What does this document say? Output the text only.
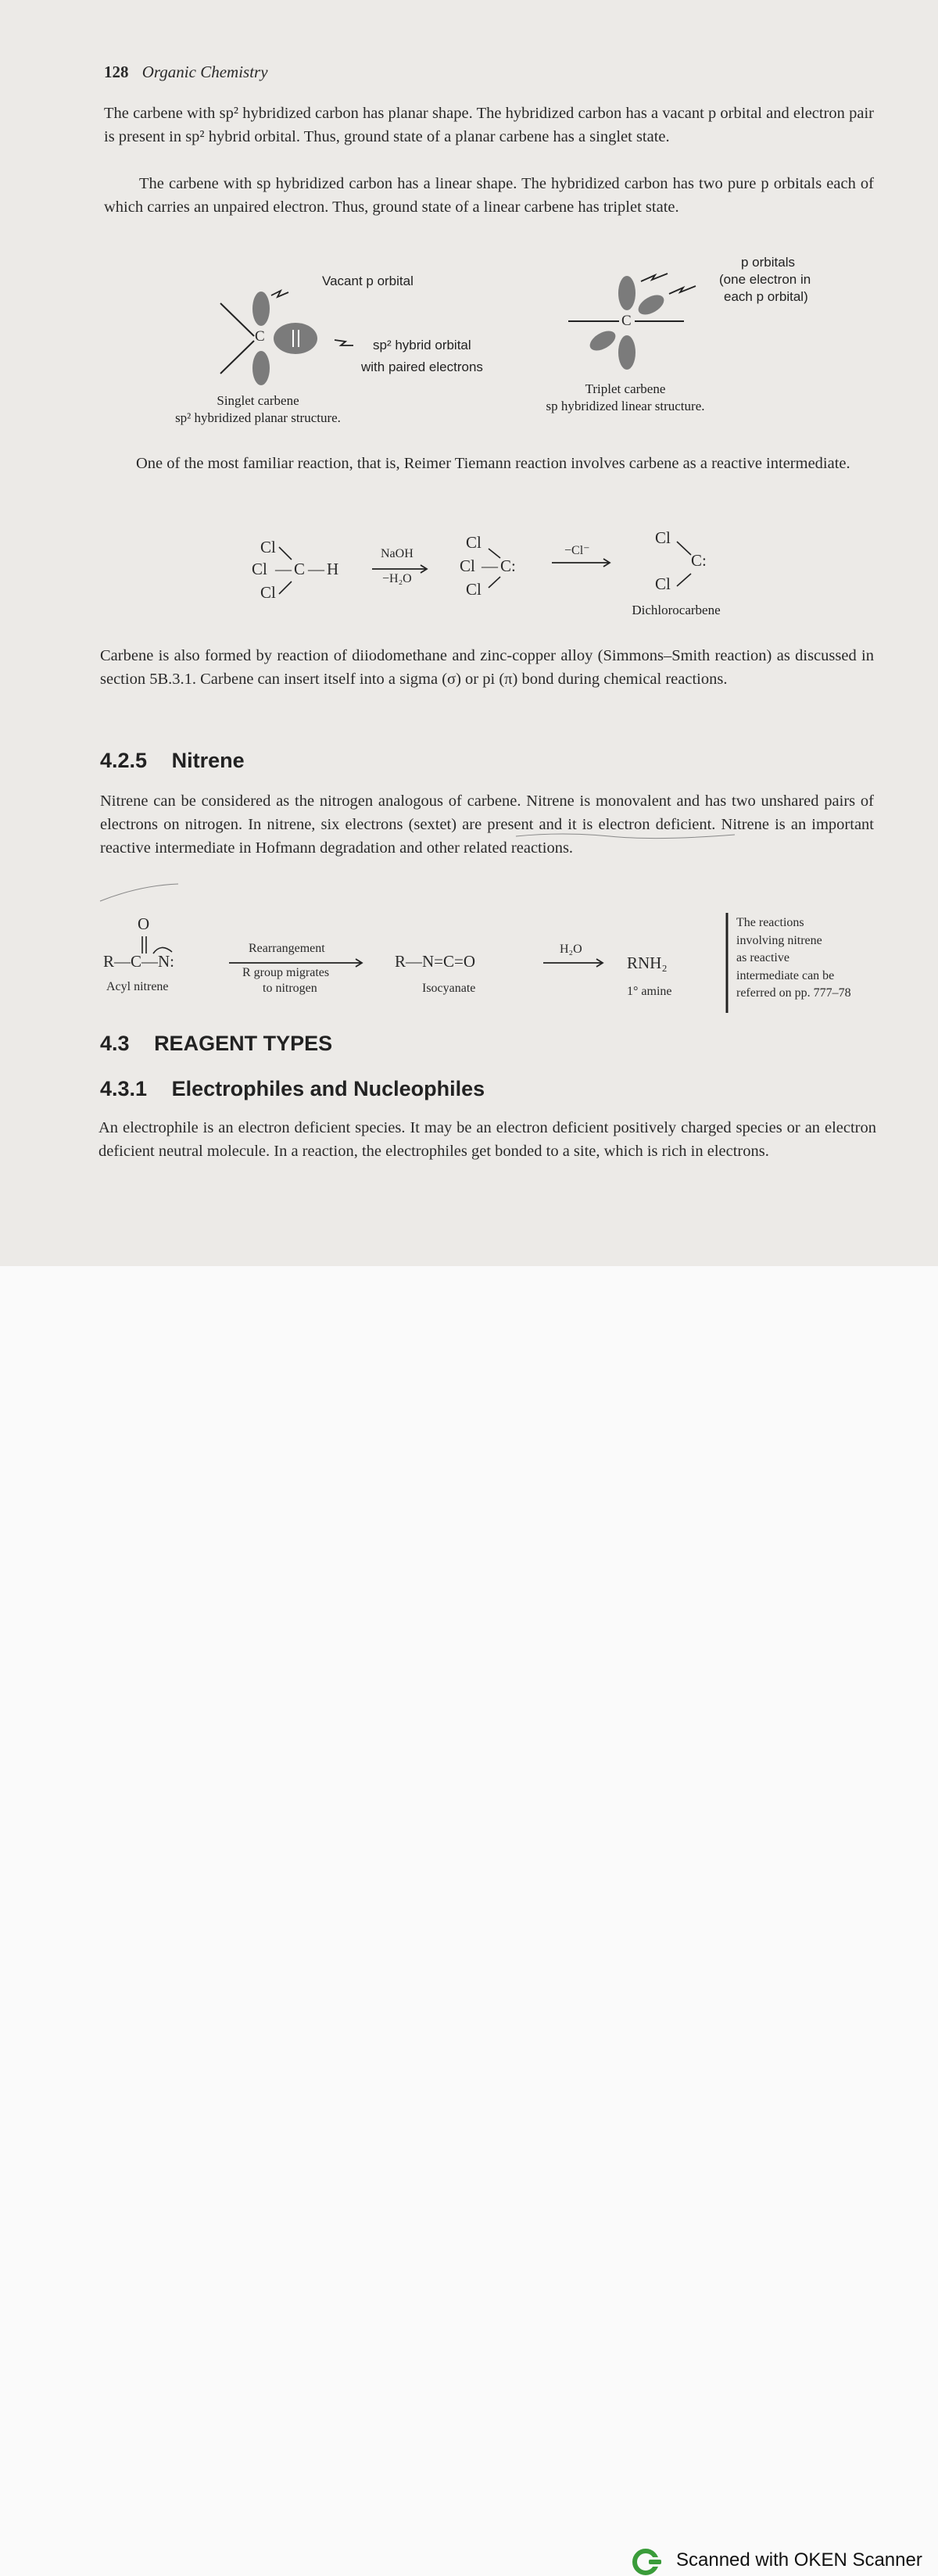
128 Organic Chemistry
The carbene with sp² hybridized carbon has planar shape. The hybridized carbon has a vacant p orbital and electron pair is present in sp² hybrid orbital. Thus, ground state of a planar carbene has a singlet state.
The carbene with sp hybridized carbon has a linear shape. The hybridized carbon has two pure p orbitals each of which carries an unpaired electron. Thus, ground state of a linear carbene has triplet state.
C
C
Vacant p orbital
sp² hybrid orbital
with paired electrons
Singlet carbene
sp² hybridized planar structure.
p orbitals
(one electron in
each p orbital)
Triplet carbene
sp hybridized linear structure.
One of the most familiar reaction, that is, Reimer Tiemann reaction involves carbene as a reactive intermediate.
Cl
Cl — C — H
Cl
NaOH
−H₂O
Cl
Cl — C:
Cl
−Cl⁻
Cl
C:
Cl
Dichlorocarbene
Carbene is also formed by reaction of diiodomethane and zinc-copper alloy (Simmons–Smith reaction) as discussed in section 5B.3.1. Carbene can insert itself into a sigma (σ) or pi (π) bond during chemical reactions.
4.2.5 Nitrene
Nitrene can be considered as the nitrogen analogous of carbene. Nitrene is monovalent and has two unshared pairs of electrons on nitrogen. In nitrene, six electrons (sextet) are present and it is electron deficient. Nitrene is an important reactive intermediate in Hofmann degradation and other related reactions.
O
R—C—N:
Acyl nitrene
Rearrangement
R group migrates
to nitrogen
R—N=C=O
Isocyanate
H₂O
RNH₂
1° amine
The reactions
involving nitrene
as reactive
intermediate can be
referred on pp. 777–78
4.3 REAGENT TYPES
4.3.1 Electrophiles and Nucleophiles
An electrophile is an electron deficient species. It may be an electron deficient positively charged species or an electron deficient neutral molecule. In a reaction, the electrophiles get bonded to a site, which is rich in electrons.
Scanned with OKEN Scanner
